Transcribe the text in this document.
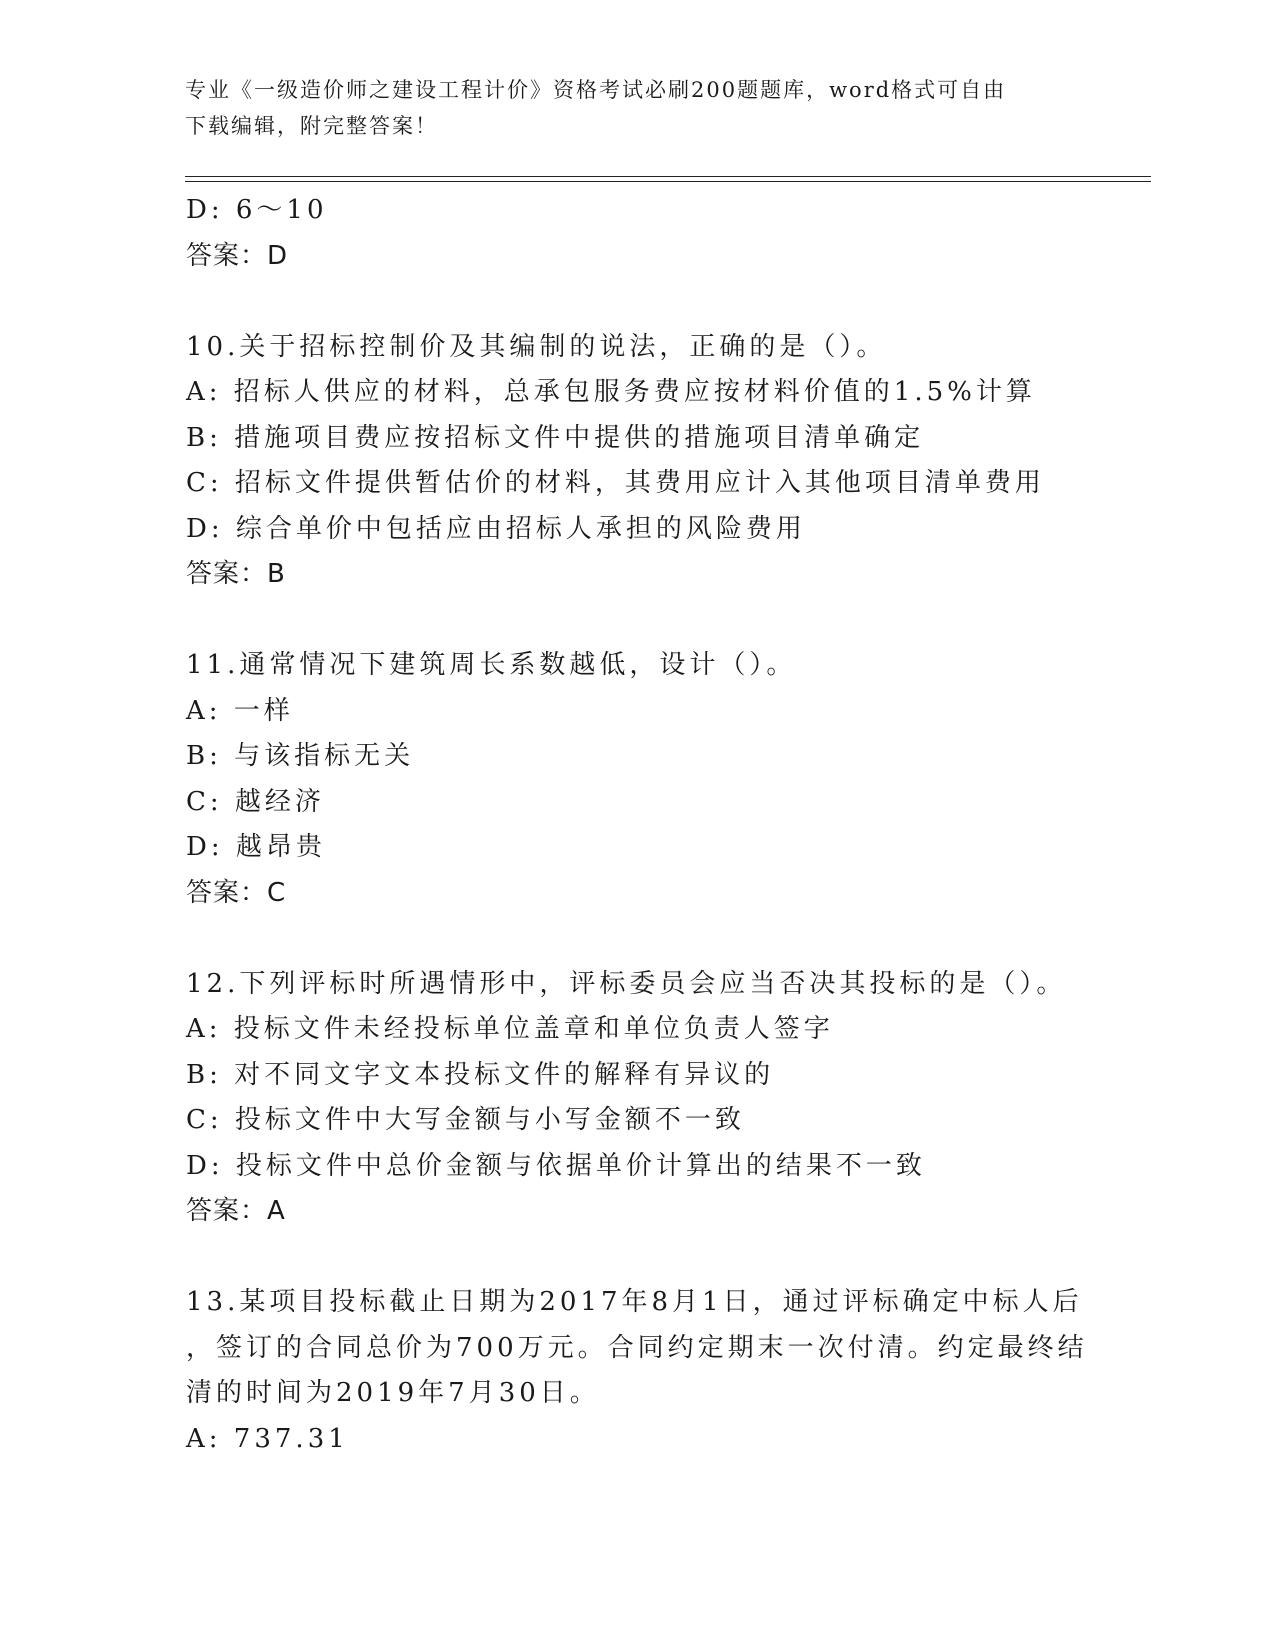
专业《一级造价师之建设工程计价》资格考试必刷200题题库，word格式可自由
下载编辑，附完整答案！
D: 6～10
答案：D
10.关于招标控制价及其编制的说法，正确的是（）。
A: 招标人供应的材料，总承包服务费应按材料价值的1.5%计算
B: 措施项目费应按招标文件中提供的措施项目清单确定
C: 招标文件提供暂估价的材料，其费用应计入其他项目清单费用
D: 综合单价中包括应由招标人承担的风险费用
答案：B
11.通常情况下建筑周长系数越低，设计（）。
A: 一样
B: 与该指标无关
C: 越经济
D: 越昂贵
答案：C
12.下列评标时所遇情形中，评标委员会应当否决其投标的是（）。
A: 投标文件未经投标单位盖章和单位负责人签字
B: 对不同文字文本投标文件的解释有异议的
C: 投标文件中大写金额与小写金额不一致
D: 投标文件中总价金额与依据单价计算出的结果不一致
答案：A
13.某项目投标截止日期为2017年8月1日，通过评标确定中标人后
，签订的合同总价为700万元。合同约定期末一次付清。约定最终结
清的时间为2019年7月30日。
A: 737.31
